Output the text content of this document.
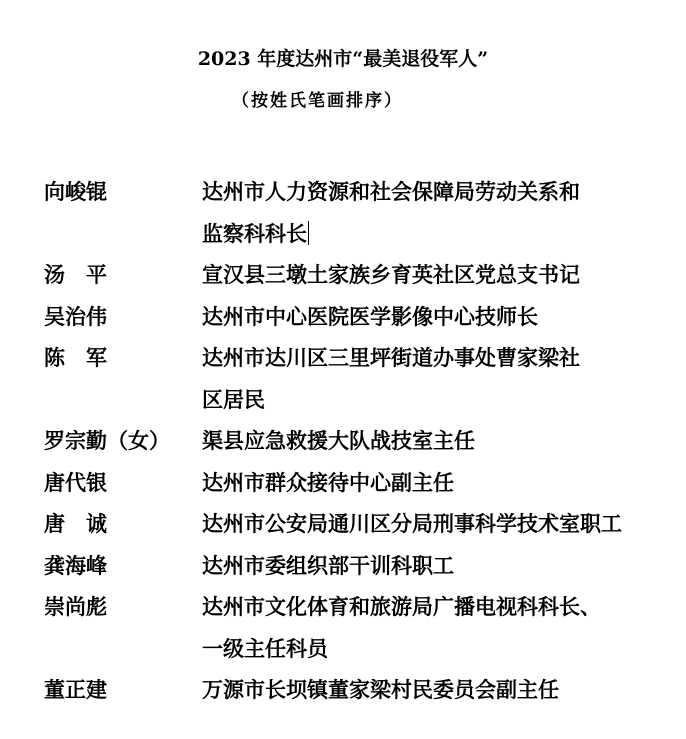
2023 年度达州市“最美退役军人”
（按姓氏笔画排序）
向峻锟	达州市人力资源和社会保障局劳动关系和
监察科科长
汤　平	宣汉县三墩土家族乡育英社区党总支书记
吴治伟	达州市中心医院医学影像中心技师长
陈　军	达州市达川区三里坪街道办事处曹家梁社
区居民
罗宗勤（女）	渠县应急救援大队战技室主任
唐代银	达州市群众接待中心副主任
唐　诚	达州市公安局通川区分局刑事科学技术室职工
龚海峰	达州市委组织部干训科职工
崇尚彪	达州市文化体育和旅游局广播电视科科长、
一级主任科员
董正建	万源市长坝镇董家梁村民委员会副主任
